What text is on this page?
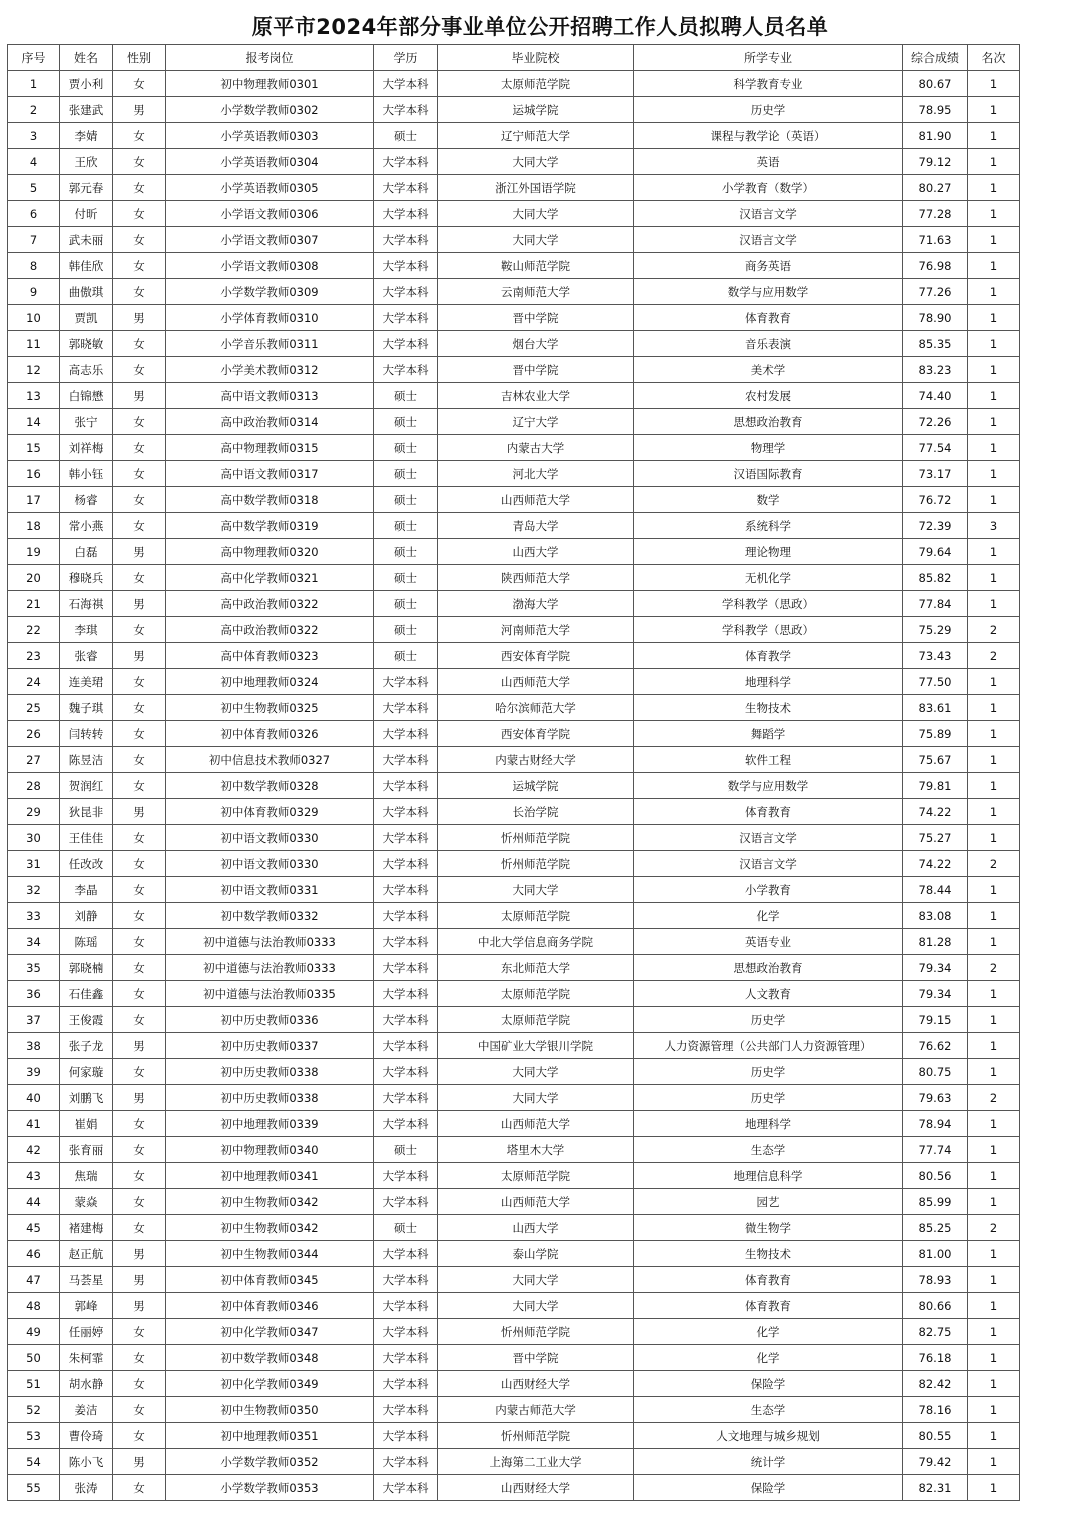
原平市2024年部分事业单位公开招聘工作人员拟聘人员名单
序号	姓名	性别	报考岗位	学历	毕业院校	所学专业	综合成绩	名次
1	贾小利	女	初中物理教师0301	大学本科	太原师范学院	科学教育专业	80.67	1
2	张建武	男	小学数学教师0302	大学本科	运城学院	历史学	78.95	1
3	李婧	女	小学英语教师0303	硕士	辽宁师范大学	课程与教学论（英语）	81.90	1
4	王欣	女	小学英语教师0304	大学本科	大同大学	英语	79.12	1
5	郭元春	女	小学英语教师0305	大学本科	浙江外国语学院	小学教育（数学）	80.27	1
6	付昕	女	小学语文教师0306	大学本科	大同大学	汉语言文学	77.28	1
7	武未丽	女	小学语文教师0307	大学本科	大同大学	汉语言文学	71.63	1
8	韩佳欣	女	小学语文教师0308	大学本科	鞍山师范学院	商务英语	76.98	1
9	曲傲琪	女	小学数学教师0309	大学本科	云南师范大学	数学与应用数学	77.26	1
10	贾凯	男	小学体育教师0310	大学本科	晋中学院	体育教育	78.90	1
11	郭晓敏	女	小学音乐教师0311	大学本科	烟台大学	音乐表演	85.35	1
12	高志乐	女	小学美术教师0312	大学本科	晋中学院	美术学	83.23	1
13	白锦懋	男	高中语文教师0313	硕士	吉林农业大学	农村发展	74.40	1
14	张宁	女	高中政治教师0314	硕士	辽宁大学	思想政治教育	72.26	1
15	刘祥梅	女	高中物理教师0315	硕士	内蒙古大学	物理学	77.54	1
16	韩小钰	女	高中语文教师0317	硕士	河北大学	汉语国际教育	73.17	1
17	杨睿	女	高中数学教师0318	硕士	山西师范大学	数学	76.72	1
18	常小燕	女	高中数学教师0319	硕士	青岛大学	系统科学	72.39	3
19	白磊	男	高中物理教师0320	硕士	山西大学	理论物理	79.64	1
20	穆晓兵	女	高中化学教师0321	硕士	陕西师范大学	无机化学	85.82	1
21	石海祺	男	高中政治教师0322	硕士	渤海大学	学科教学（思政）	77.84	1
22	李琪	女	高中政治教师0322	硕士	河南师范大学	学科教学（思政）	75.29	2
23	张睿	男	高中体育教师0323	硕士	西安体育学院	体育教学	73.43	2
24	连美珺	女	初中地理教师0324	大学本科	山西师范大学	地理科学	77.50	1
25	魏子琪	女	初中生物教师0325	大学本科	哈尔滨师范大学	生物技术	83.61	1
26	闫转转	女	初中体育教师0326	大学本科	西安体育学院	舞蹈学	75.89	1
27	陈昱洁	女	初中信息技术教师0327	大学本科	内蒙古财经大学	软件工程	75.67	1
28	贺润红	女	初中数学教师0328	大学本科	运城学院	数学与应用数学	79.81	1
29	狄昆非	男	初中体育教师0329	大学本科	长治学院	体育教育	74.22	1
30	王佳佳	女	初中语文教师0330	大学本科	忻州师范学院	汉语言文学	75.27	1
31	任改改	女	初中语文教师0330	大学本科	忻州师范学院	汉语言文学	74.22	2
32	李晶	女	初中语文教师0331	大学本科	大同大学	小学教育	78.44	1
33	刘静	女	初中数学教师0332	大学本科	太原师范学院	化学	83.08	1
34	陈瑶	女	初中道德与法治教师0333	大学本科	中北大学信息商务学院	英语专业	81.28	1
35	郭晓楠	女	初中道德与法治教师0333	大学本科	东北师范大学	思想政治教育	79.34	2
36	石佳鑫	女	初中道德与法治教师0335	大学本科	太原师范学院	人文教育	79.34	1
37	王俊霞	女	初中历史教师0336	大学本科	太原师范学院	历史学	79.15	1
38	张子龙	男	初中历史教师0337	大学本科	中国矿业大学银川学院	人力资源管理（公共部门人力资源管理）	76.62	1
39	何家璇	女	初中历史教师0338	大学本科	大同大学	历史学	80.75	1
40	刘鹏飞	男	初中历史教师0338	大学本科	大同大学	历史学	79.63	2
41	崔娟	女	初中地理教师0339	大学本科	山西师范大学	地理科学	78.94	1
42	张育丽	女	初中物理教师0340	硕士	塔里木大学	生态学	77.74	1
43	焦瑞	女	初中地理教师0341	大学本科	太原师范学院	地理信息科学	80.56	1
44	蒙焱	女	初中生物教师0342	大学本科	山西师范大学	园艺	85.99	1
45	褚建梅	女	初中生物教师0342	硕士	山西大学	微生物学	85.25	2
46	赵正航	男	初中生物教师0344	大学本科	泰山学院	生物技术	81.00	1
47	马荟星	男	初中体育教师0345	大学本科	大同大学	体育教育	78.93	1
48	郭峰	男	初中体育教师0346	大学本科	大同大学	体育教育	80.66	1
49	任丽婷	女	初中化学教师0347	大学本科	忻州师范学院	化学	82.75	1
50	朱柯霏	女	初中数学教师0348	大学本科	晋中学院	化学	76.18	1
51	胡水静	女	初中化学教师0349	大学本科	山西财经大学	保险学	82.42	1
52	姜洁	女	初中生物教师0350	大学本科	内蒙古师范大学	生态学	78.16	1
53	曹伶琦	女	初中地理教师0351	大学本科	忻州师范学院	人文地理与城乡规划	80.55	1
54	陈小飞	男	小学数学教师0352	大学本科	上海第二工业大学	统计学	79.42	1
55	张涛	女	小学数学教师0353	大学本科	山西财经大学	保险学	82.31	1
